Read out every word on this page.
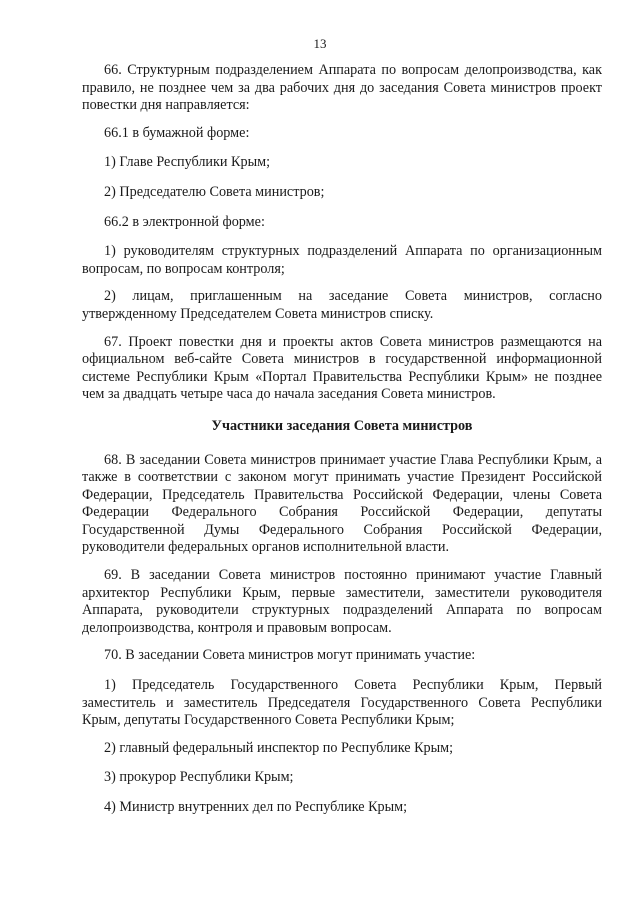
13

66. Структурным подразделением Аппарата по вопросам делопроизводства, как правило, не позднее чем за два рабочих дня до заседания Совета министров проект повестки дня направляется:

66.1 в бумажной форме:

1) Главе Республики Крым;

2) Председателю Совета министров;

66.2 в электронной форме:

1) руководителям структурных подразделений Аппарата по организационным вопросам, по вопросам контроля;

2) лицам, приглашенным на заседание Совета министров, согласно утвержденному Председателем Совета министров списку.

67. Проект повестки дня и проекты актов Совета министров размещаются на официальном веб-сайте Совета министров в государственной информационной системе Республики Крым «Портал Правительства Республики Крым» не позднее чем за двадцать четыре часа до начала заседания Совета министров.

Участники заседания Совета министров

68. В заседании Совета министров принимает участие Глава Республики Крым, а также в соответствии с законом могут принимать участие Президент Российской Федерации, Председатель Правительства Российской Федерации, члены Совета Федерации Федерального Собрания Российской Федерации, депутаты Государственной Думы Федерального Собрания Российской Федерации, руководители федеральных органов исполнительной власти.

69. В заседании Совета министров постоянно принимают участие Главный архитектор Республики Крым, первые заместители, заместители руководителя Аппарата, руководители структурных подразделений Аппарата по вопросам делопроизводства, контроля и правовым вопросам.

70. В заседании Совета министров могут принимать участие:

1) Председатель Государственного Совета Республики Крым, Первый заместитель и заместитель Председателя Государственного Совета Республики Крым, депутаты Государственного Совета Республики Крым;

2) главный федеральный инспектор по Республике Крым;

3) прокурор Республики Крым;

4) Министр внутренних дел по Республике Крым;
